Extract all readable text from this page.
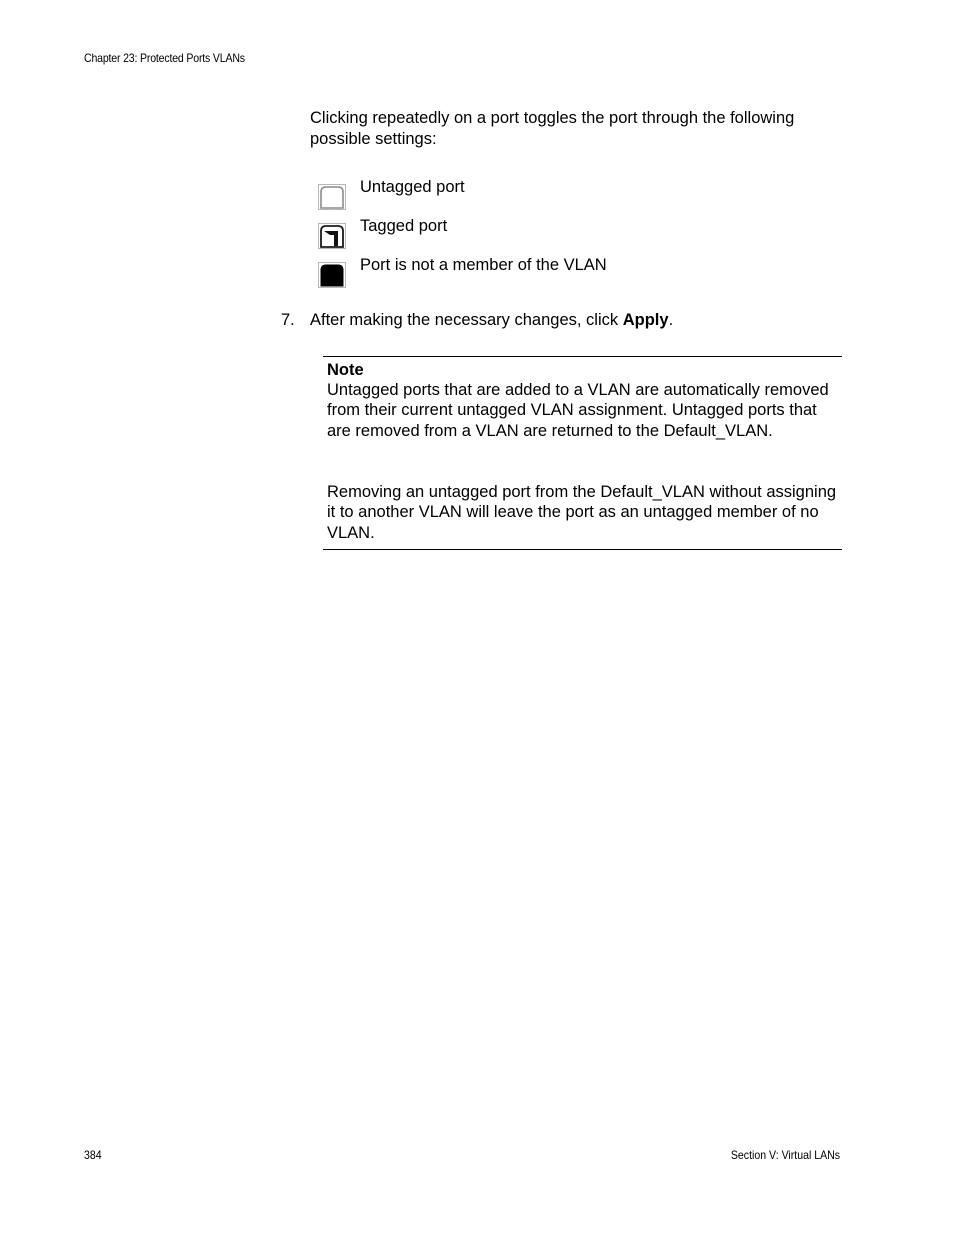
Chapter 23: Protected Ports VLANs

Clicking repeatedly on a port toggles the port through the following possible settings:

Untagged port
Tagged port
Port is not a member of the VLAN
7. After making the necessary changes, click Apply.
Note

Untagged ports that are added to a VLAN are automatically removed from their current untagged VLAN assignment. Untagged ports that are removed from a VLAN are returned to the Default_VLAN.

Removing an untagged port from the Default_VLAN without assigning it to another VLAN will leave the port as an untagged member of no VLAN.

384	Section V: Virtual LANs
